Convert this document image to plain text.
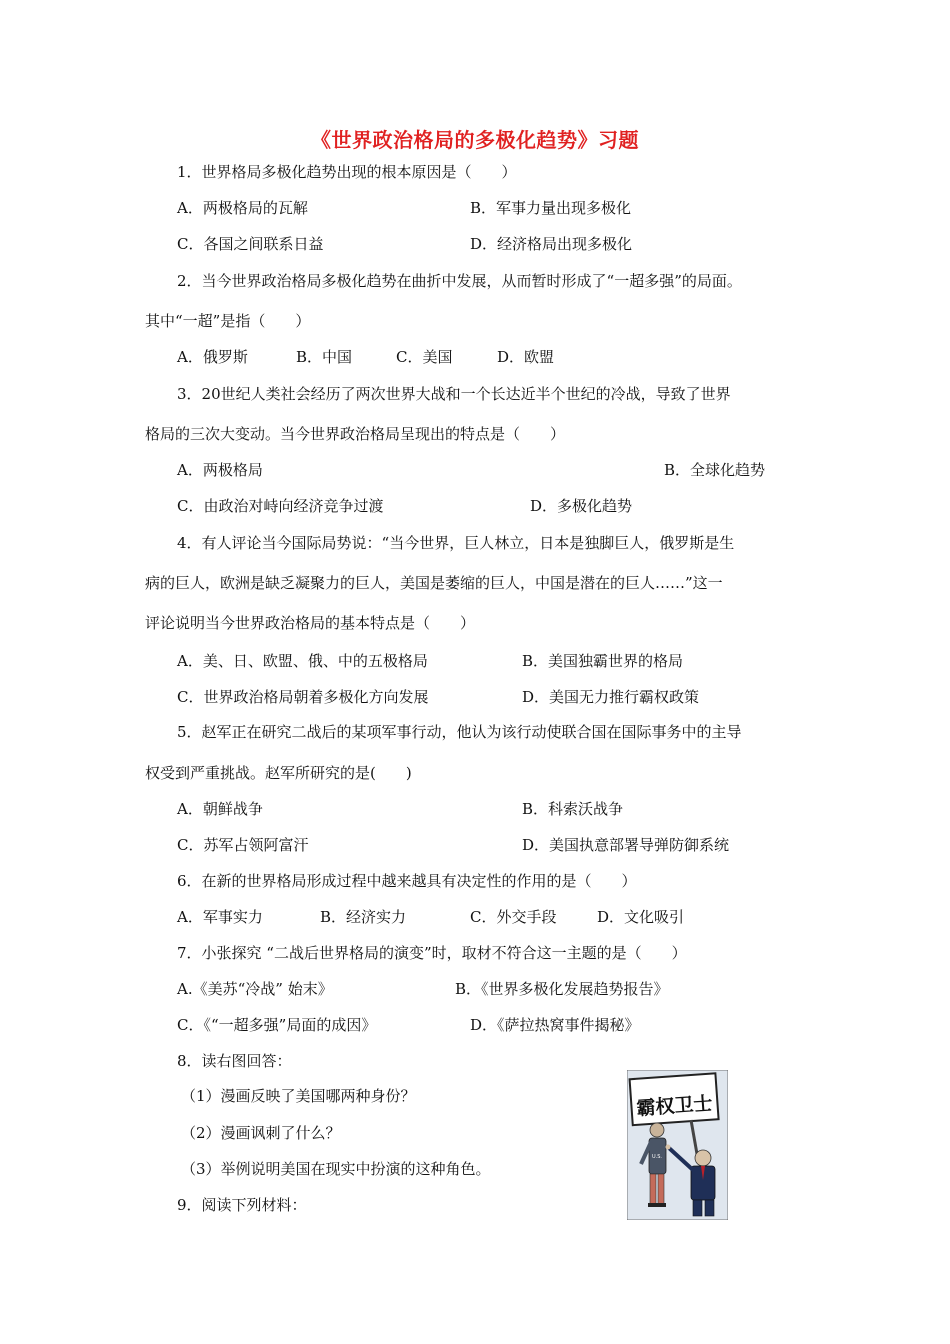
《世界政治格局的多极化趋势》习题
1．世界格局多极化趋势出现的根本原因是（　　）
A．两极格局的瓦解	B．军事力量出现多极化
C．各国之间联系日益	D．经济格局出现多极化
2．当今世界政治格局多极化趋势在曲折中发展，从而暂时形成了“一超多强”的局面。
其中“一超”是指（　　）
A．俄罗斯	B．中国	C．美国	D．欧盟
3．20世纪人类社会经历了两次世界大战和一个长达近半个世纪的冷战，导致了世界
格局的三次大变动。当今世界政治格局呈现出的特点是（　　）
A．两极格局	B．全球化趋势
C．由政治对峙向经济竞争过渡	D．多极化趋势
4．有人评论当今国际局势说：“当今世界，巨人林立，日本是独脚巨人，俄罗斯是生
病的巨人，欧洲是缺乏凝聚力的巨人，美国是萎缩的巨人，中国是潜在的巨人……”这一
评论说明当今世界政治格局的基本特点是（　　）
A．美、日、欧盟、俄、中的五极格局	B．美国独霸世界的格局
C．世界政治格局朝着多极化方向发展	D．美国无力推行霸权政策
5．赵军正在研究二战后的某项军事行动，他认为该行动使联合国在国际事务中的主导
权受到严重挑战。赵军所研究的是(　　)
A．朝鲜战争	B．科索沃战争
C．苏军占领阿富汗	D．美国执意部署导弹防御系统
6．在新的世界格局形成过程中越来越具有决定性的作用的是（　　）
A．军事实力	B．经济实力	C．外交手段	D．文化吸引
7．小张探究 “二战后世界格局的演变”时，取材不符合这一主题的是（　　）
A.《美苏“冷战” 始末》	B．《世界多极化发展趋势报告》
C．《“一超多强”局面的成因》	D．《萨拉热窝事件揭秘》
8．读右图回答：
（1）漫画反映了美国哪两种身份？
（2）漫画讽刺了什么？
（3）举例说明美国在现实中扮演的这种角色。
9．阅读下列材料：
霸权卫士
U.S.
